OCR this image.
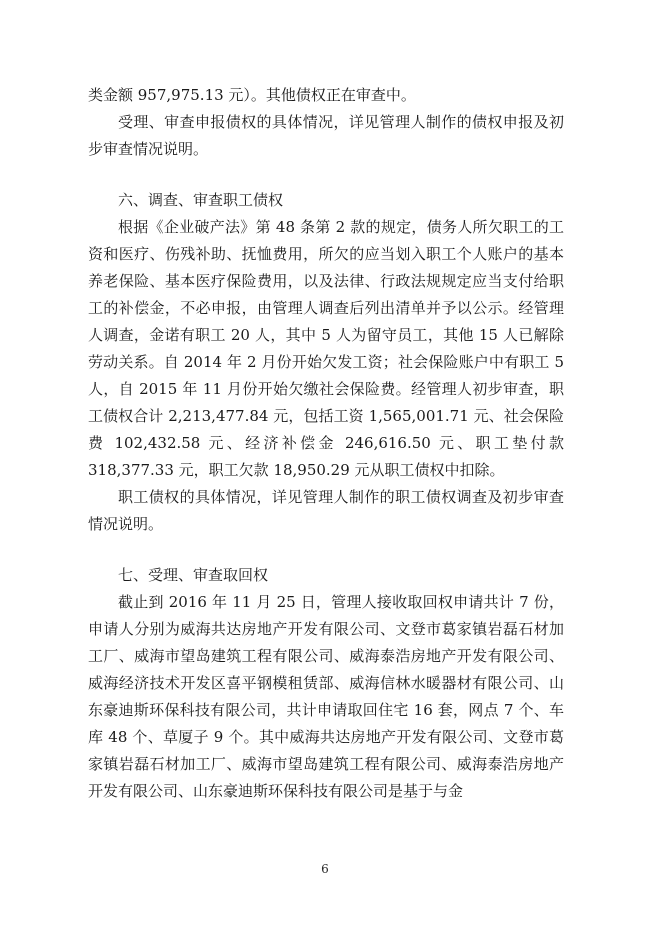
类金额 957,975.13 元）。其他债权正在审查中。

受理、审查申报债权的具体情况，详见管理人制作的债权申报及初步审查情况说明。

六、调查、审查职工债权

根据《企业破产法》第 48 条第 2 款的规定，债务人所欠职工的工资和医疗、伤残补助、抚恤费用，所欠的应当划入职工个人账户的基本养老保险、基本医疗保险费用，以及法律、行政法规规定应当支付给职工的补偿金，不必申报，由管理人调查后列出清单并予以公示。经管理人调查，金诺有职工 20 人，其中 5 人为留守员工，其他 15 人已解除劳动关系。自 2014 年 2 月份开始欠发工资；社会保险账户中有职工 5 人，自 2015 年 11 月份开始欠缴社会保险费。经管理人初步审查，职工债权合计 2,213,477.84 元，包括工资 1,565,001.71 元、社会保险费 102,432.58 元、经济补偿金 246,616.50 元、职工垫付款 318,377.33 元，职工欠款 18,950.29 元从职工债权中扣除。

职工债权的具体情况，详见管理人制作的职工债权调查及初步审查情况说明。

七、受理、审查取回权

截止到 2016 年 11 月 25 日，管理人接收取回权申请共计 7 份，申请人分别为威海共达房地产开发有限公司、文登市葛家镇岩磊石材加工厂、威海市望岛建筑工程有限公司、威海泰浩房地产开发有限公司、威海经济技术开发区喜平钢模租赁部、威海信林水暖器材有限公司、山东豪迪斯环保科技有限公司，共计申请取回住宅 16 套，网点 7 个、车库 48 个、草厦子 9 个。其中威海共达房地产开发有限公司、文登市葛家镇岩磊石材加工厂、威海市望岛建筑工程有限公司、威海泰浩房地产开发有限公司、山东豪迪斯环保科技有限公司是基于与金

6
